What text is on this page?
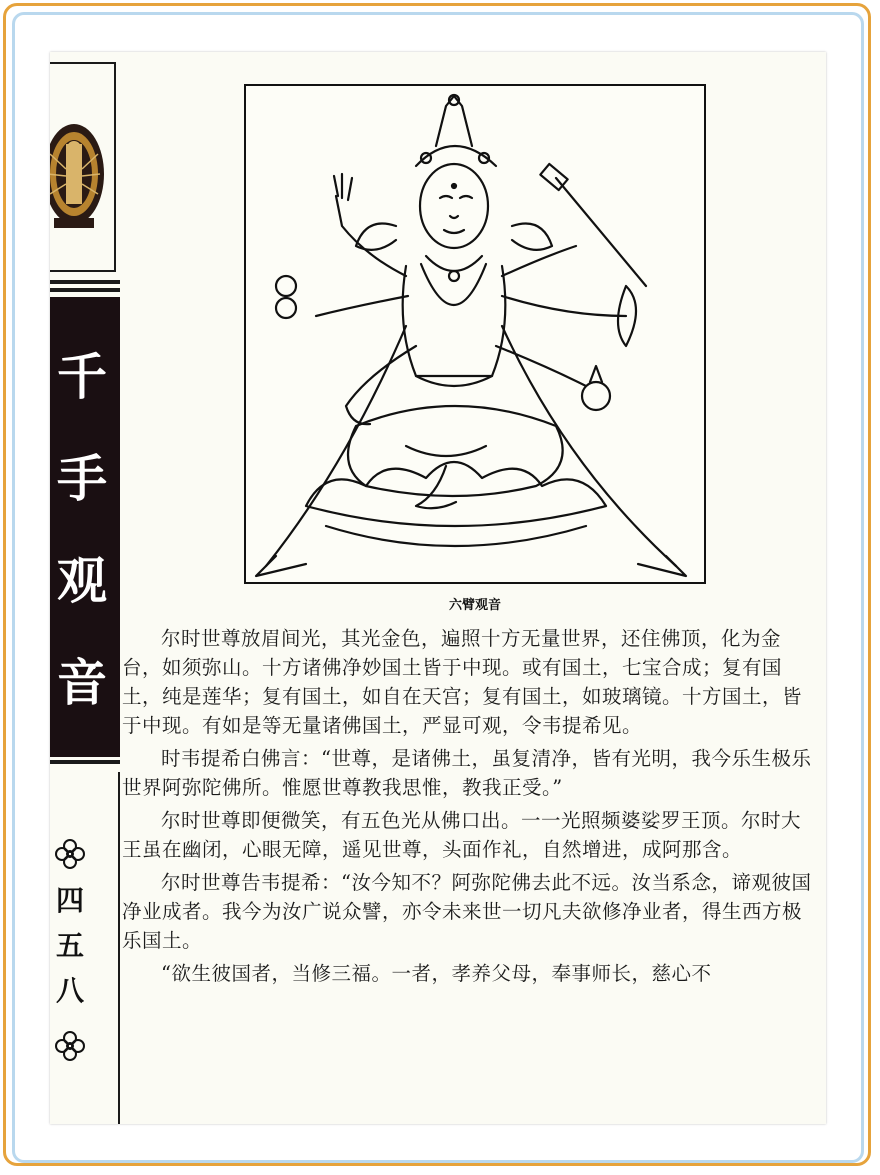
千
手
观
音
四
五
八
六臂观音

尔时世尊放眉间光，其光金色，遍照十方无量世界，还住佛顶，化为金台，如须弥山。十方诸佛净妙国土皆于中现。或有国土，七宝合成；复有国土，纯是莲华；复有国土，如自在天宫；复有国土，如玻璃镜。十方国土，皆于中现。有如是等无量诸佛国土，严显可观，令韦提希见。

时韦提希白佛言：“世尊，是诸佛土，虽复清净，皆有光明，我今乐生极乐世界阿弥陀佛所。惟愿世尊教我思惟，教我正受。”

尔时世尊即便微笑，有五色光从佛口出。一一光照频婆娑罗王顶。尔时大王虽在幽闭，心眼无障，遥见世尊，头面作礼，自然增进，成阿那含。

尔时世尊告韦提希：“汝今知不？阿弥陀佛去此不远。汝当系念，谛观彼国净业成者。我今为汝广说众譬，亦令未来世一切凡夫欲修净业者，得生西方极乐国土。

“欲生彼国者，当修三福。一者，孝养父母，奉事师长，慈心不
